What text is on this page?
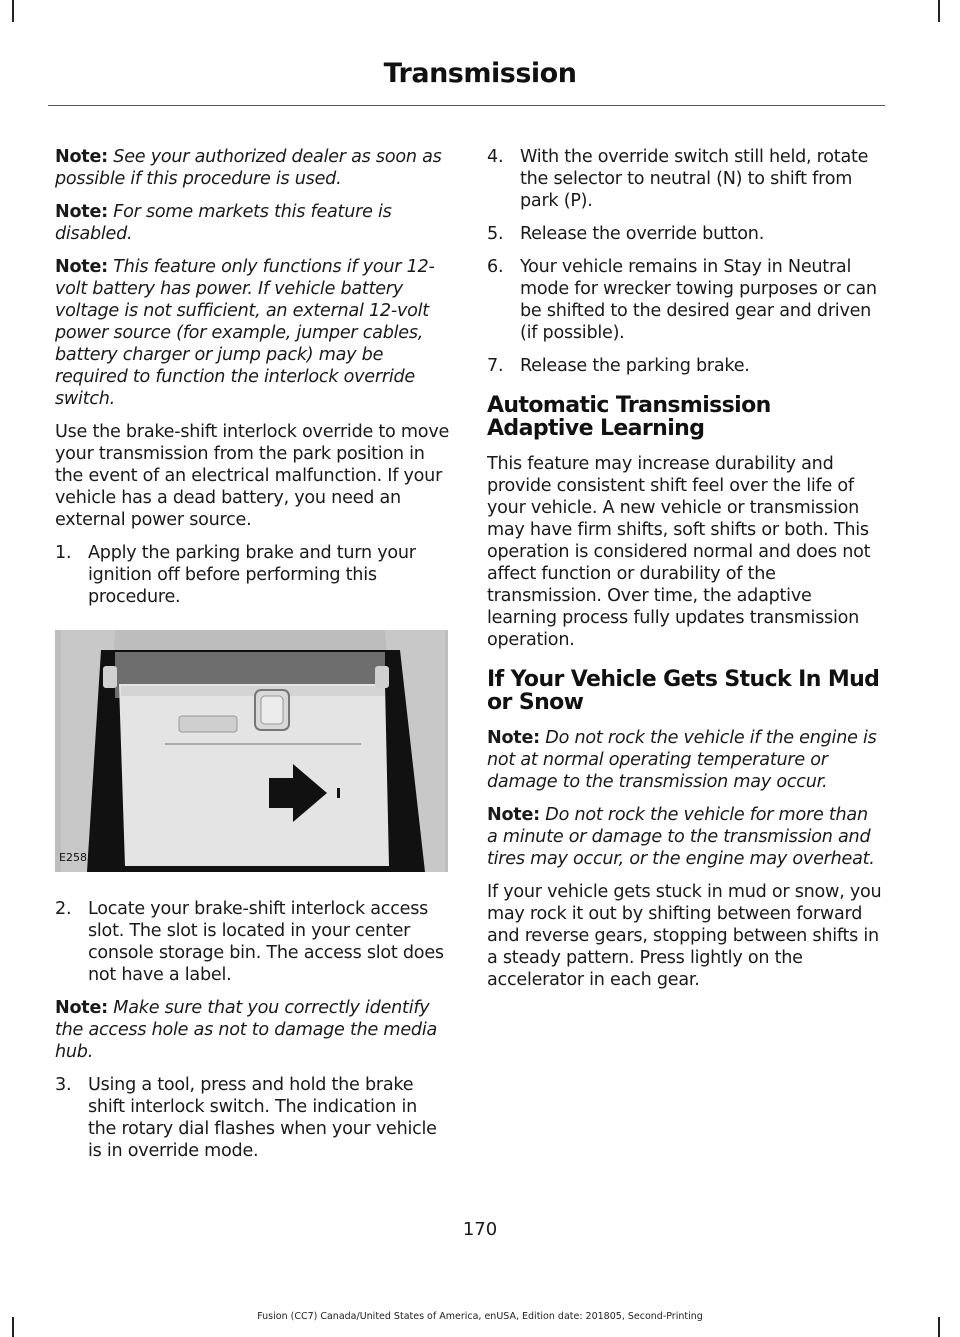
Transmission

Note: See your authorized dealer as soon as possible if this procedure is used.

Note: For some markets this feature is disabled.

Note: This feature only functions if your 12-volt battery has power. If vehicle battery voltage is not sufficient, an external 12-volt power source (for example, jumper cables, battery charger or jump pack) may be required to function the interlock override switch.

Use the brake-shift interlock override to move your transmission from the park position in the event of an electrical malfunction. If your vehicle has a dead battery, you need an external power source.

1. Apply the parking brake and turn your ignition off before performing this procedure.
E258561
2. Locate your brake-shift interlock access slot. The slot is located in your center console storage bin. The access slot does not have a label.

Note: Make sure that you correctly identify the access hole as not to damage the media hub.

3. Using a tool, press and hold the brake shift interlock switch. The indication in the rotary dial flashes when your vehicle is in override mode.
4. With the override switch still held, rotate the selector to neutral (N) to shift from park (P).
5. Release the override button.
6. Your vehicle remains in Stay in Neutral mode for wrecker towing purposes or can be shifted to the desired gear and driven (if possible).
7. Release the parking brake.
Automatic Transmission Adaptive Learning

This feature may increase durability and provide consistent shift feel over the life of your vehicle. A new vehicle or transmission may have firm shifts, soft shifts or both. This operation is considered normal and does not affect function or durability of the transmission. Over time, the adaptive learning process fully updates transmission operation.

If Your Vehicle Gets Stuck In Mud or Snow

Note: Do not rock the vehicle if the engine is not at normal operating temperature or damage to the transmission may occur.

Note: Do not rock the vehicle for more than a minute or damage to the transmission and tires may occur, or the engine may overheat.

If your vehicle gets stuck in mud or snow, you may rock it out by shifting between forward and reverse gears, stopping between shifts in a steady pattern. Press lightly on the accelerator in each gear.

170
Fusion (CC7) Canada/United States of America, enUSA, Edition date: 201805, Second-Printing
